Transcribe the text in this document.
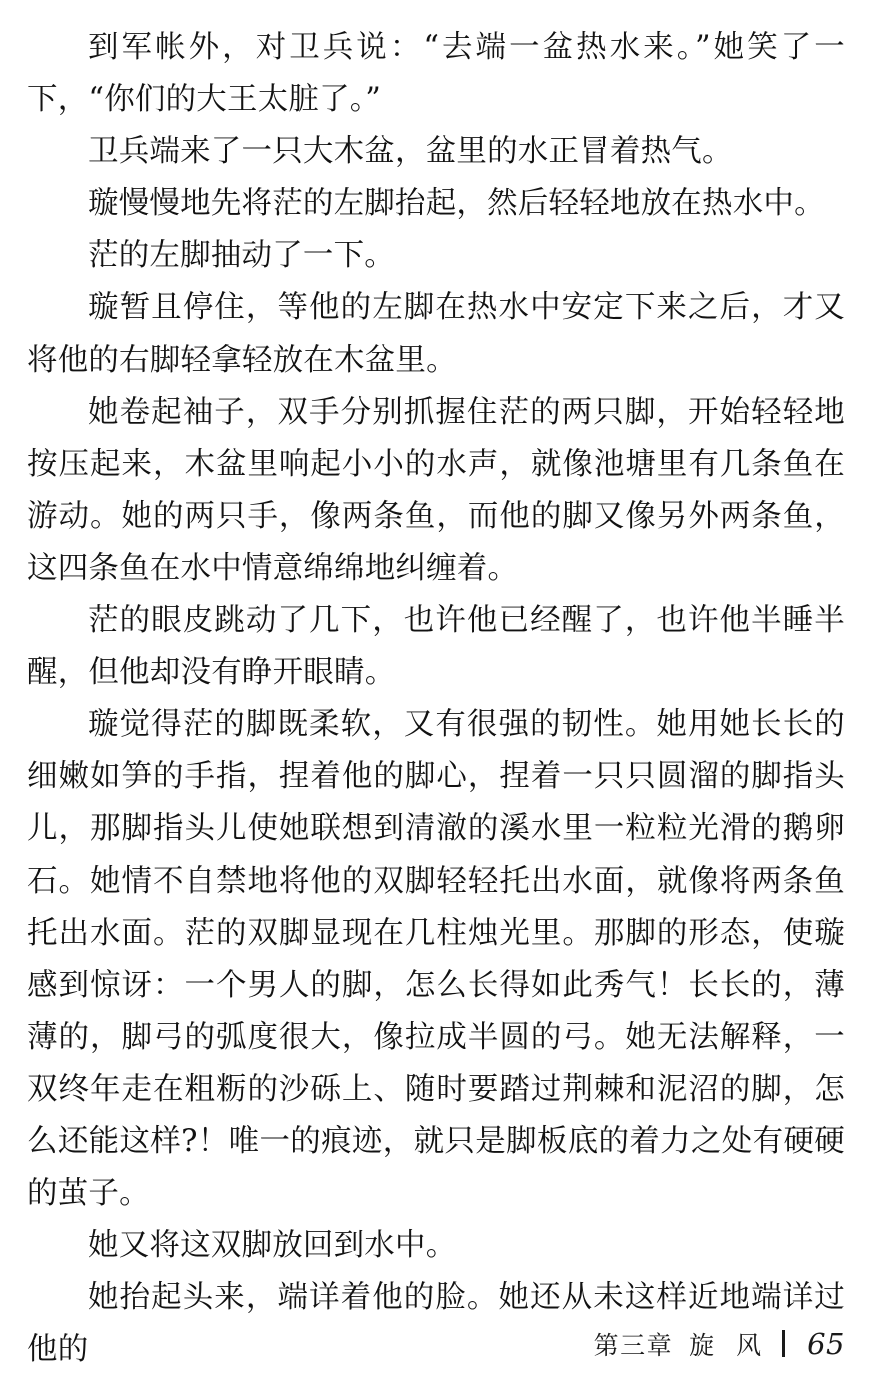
到军帐外，对卫兵说：“去端一盆热水来。”她笑了一下，“你们的大王太脏了。”

卫兵端来了一只大木盆，盆里的水正冒着热气。

璇慢慢地先将茫的左脚抬起，然后轻轻地放在热水中。

茫的左脚抽动了一下。

璇暂且停住，等他的左脚在热水中安定下来之后，才又将他的右脚轻拿轻放在木盆里。

她卷起袖子，双手分别抓握住茫的两只脚，开始轻轻地按压起来，木盆里响起小小的水声，就像池塘里有几条鱼在游动。她的两只手，像两条鱼，而他的脚又像另外两条鱼，这四条鱼在水中情意绵绵地纠缠着。

茫的眼皮跳动了几下，也许他已经醒了，也许他半睡半醒，但他却没有睁开眼睛。

璇觉得茫的脚既柔软，又有很强的韧性。她用她长长的细嫩如笋的手指，捏着他的脚心，捏着一只只圆溜的脚指头儿，那脚指头儿使她联想到清澈的溪水里一粒粒光滑的鹅卵石。她情不自禁地将他的双脚轻轻托出水面，就像将两条鱼托出水面。茫的双脚显现在几柱烛光里。那脚的形态，使璇感到惊讶：一个男人的脚，怎么长得如此秀气！长长的，薄薄的，脚弓的弧度很大，像拉成半圆的弓。她无法解释，一双终年走在粗粝的沙砾上、随时要踏过荆棘和泥沼的脚，怎么还能这样?！唯一的痕迹，就只是脚板底的着力之处有硬硬的茧子。

她又将这双脚放回到水中。

她抬起头来，端详着他的脸。她还从未这样近地端详过他的	第三章 旋 风 65
